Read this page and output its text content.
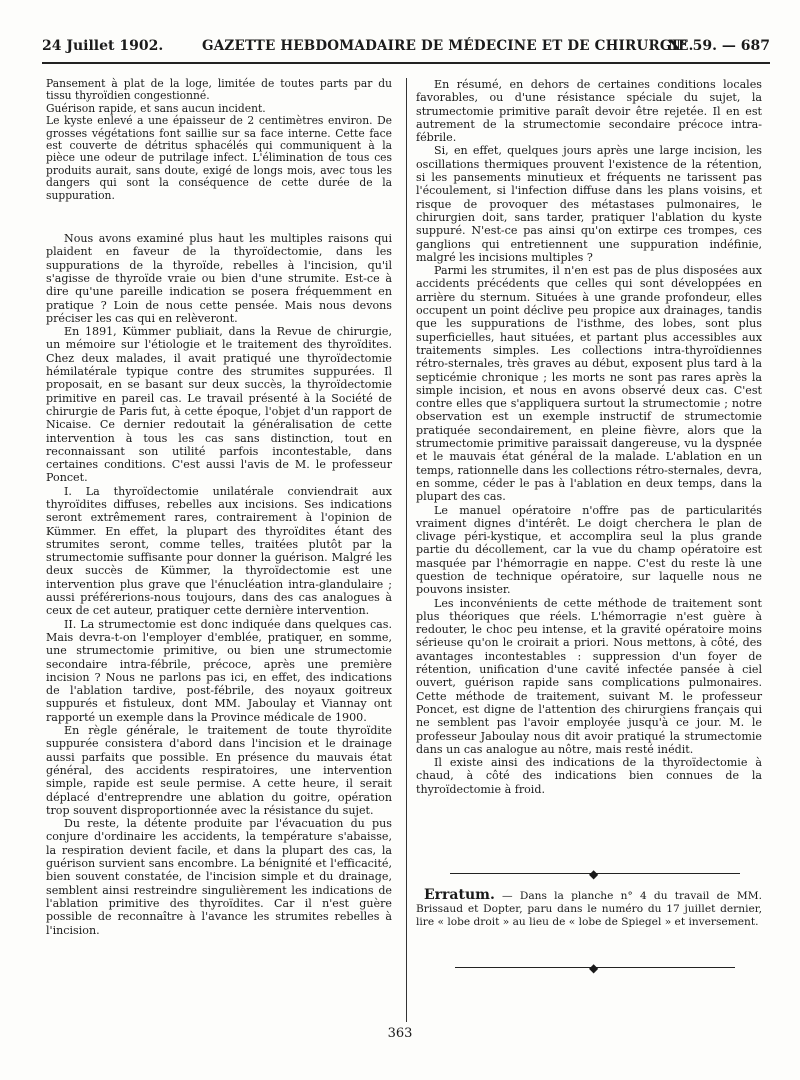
24 Juillet 1902.	GAZETTE HEBDOMADAIRE DE MÉDECINE ET DE CHIRURGIE.
N° 59. — 687

Pansement à plat de la loge, limitée de toutes parts par du tissu thyroïdien congestionné.

Guérison rapide, et sans aucun incident.

Le kyste enlevé a une épaisseur de 2 centimètres environ. De grosses végétations font saillie sur sa face interne. Cette face est couverte de détritus sphacélés qui communiquent à la pièce une odeur de putrilage infect. L'élimination de tous ces produits aurait, sans doute, exigé de longs mois, avec tous les dangers qui sont la conséquence de cette durée de la suppuration.

Nous avons examiné plus haut les multiples raisons qui plaident en faveur de la thyroïdectomie, dans les suppurations de la thyroïde, rebelles à l'incision, qu'il s'agisse de thyroïde vraie ou bien d'une strumite. Est-ce à dire qu'une pareille indication se posera fréquemment en pratique ? Loin de nous cette pensée. Mais nous devons préciser les cas qui en relèveront.

En 1891, Kümmer publiait, dans la Revue de chirurgie, un mémoire sur l'étiologie et le traitement des thyroïdites. Chez deux malades, il avait pratiqué une thyroïdectomie hémilatérale typique contre des strumites suppurées. Il proposait, en se basant sur deux succès, la thyroïdectomie primitive en pareil cas. Le travail présenté à la Société de chirurgie de Paris fut, à cette époque, l'objet d'un rapport de Nicaise. Ce dernier redoutait la généralisation de cette intervention à tous les cas sans distinction, tout en reconnaissant son utilité parfois incontestable, dans certaines conditions. C'est aussi l'avis de M. le professeur Poncet.

I. La thyroïdectomie unilatérale conviendrait aux thyroïdites diffuses, rebelles aux incisions. Ses indications seront extrêmement rares, contrairement à l'opinion de Kümmer. En effet, la plupart des thyroïdites étant des strumites seront, comme telles, traitées plutôt par la strumectomie suffisante pour donner la guérison. Malgré les deux succès de Kümmer, la thyroïdectomie est une intervention plus grave que l'énucléation intra-glandulaire ; aussi préférerions-nous toujours, dans des cas analogues à ceux de cet auteur, pratiquer cette dernière intervention.

II. La strumectomie est donc indiquée dans quelques cas. Mais devra-t-on l'employer d'emblée, pratiquer, en somme, une strumectomie primitive, ou bien une strumectomie secondaire intra-fébrile, précoce, après une première incision ? Nous ne parlons pas ici, en effet, des indications de l'ablation tardive, post-fébrile, des noyaux goitreux suppurés et fistuleux, dont MM. Jaboulay et Viannay ont rapporté un exemple dans la Province médicale de 1900.

En règle générale, le traitement de toute thyroïdite suppurée consistera d'abord dans l'incision et le drainage aussi parfaits que possible. En présence du mauvais état général, des accidents respiratoires, une intervention simple, rapide est seule permise. A cette heure, il serait déplacé d'entreprendre une ablation du goitre, opération trop souvent disproportionnée avec la résistance du sujet.

Du reste, la détente produite par l'évacuation du pus conjure d'ordinaire les accidents, la température s'abaisse, la respiration devient facile, et dans la plupart des cas, la guérison survient sans encombre. La bénignité et l'efficacité, bien souvent constatée, de l'incision simple et du drainage, semblent ainsi restreindre singulièrement les indications de l'ablation primitive des thyroïdites. Car il n'est guère possible de reconnaître à l'avance les strumites rebelles à l'incision.

En résumé, en dehors de certaines conditions locales favorables, ou d'une résistance spéciale du sujet, la strumectomie primitive paraît devoir être rejetée. Il en est autrement de la strumectomie secondaire précoce intra-fébrile.

Si, en effet, quelques jours après une large incision, les oscillations thermiques prouvent l'existence de la rétention, si les pansements minutieux et fréquents ne tarissent pas l'écoulement, si l'infection diffuse dans les plans voisins, et risque de provoquer des métastases pulmonaires, le chirurgien doit, sans tarder, pratiquer l'ablation du kyste suppuré. N'est-ce pas ainsi qu'on extirpe ces trompes, ces ganglions qui entretiennent une suppuration indéfinie, malgré les incisions multiples ?

Parmi les strumites, il n'en est pas de plus disposées aux accidents précédents que celles qui sont développées en arrière du sternum. Situées à une grande profondeur, elles occupent un point déclive peu propice aux drainages, tandis que les suppurations de l'isthme, des lobes, sont plus superficielles, haut situées, et partant plus accessibles aux traitements simples. Les collections intra-thyroïdiennes rétro-sternales, très graves au début, exposent plus tard à la septicémie chronique ; les morts ne sont pas rares après la simple incision, et nous en avons observé deux cas. C'est contre elles que s'appliquera surtout la strumectomie ; notre observation est un exemple instructif de strumectomie pratiquée secondairement, en pleine fièvre, alors que la strumectomie primitive paraissait dangereuse, vu la dyspnée et le mauvais état général de la malade. L'ablation en un temps, rationnelle dans les collections rétro-sternales, devra, en somme, céder le pas à l'ablation en deux temps, dans la plupart des cas.

Le manuel opératoire n'offre pas de particularités vraiment dignes d'intérêt. Le doigt cherchera le plan de clivage péri-kystique, et accomplira seul la plus grande partie du décollement, car la vue du champ opératoire est masquée par l'hémorragie en nappe. C'est du reste là une question de technique opératoire, sur laquelle nous ne pouvons insister.

Les inconvénients de cette méthode de traitement sont plus théoriques que réels. L'hémorragie n'est guère à redouter, le choc peu intense, et la gravité opératoire moins sérieuse qu'on le croirait a priori. Nous mettons, à côté, des avantages incontestables : suppression d'un foyer de rétention, unification d'une cavité infectée pansée à ciel ouvert, guérison rapide sans complications pulmonaires. Cette méthode de traitement, suivant M. le professeur Poncet, est digne de l'attention des chirurgiens français qui ne semblent pas l'avoir employée jusqu'à ce jour. M. le professeur Jaboulay nous dit avoir pratiqué la strumectomie dans un cas analogue au nôtre, mais resté inédit.

Il existe ainsi des indications de la thyroïdectomie à chaud, à côté des indications bien connues de la thyroïdectomie à froid.

◆

Erratum. — Dans la planche n° 4 du travail de MM. Brissaud et Dopter, paru dans le numéro du 17 juillet dernier, lire « lobe droit » au lieu de « lobe de Spiegel » et inversement.

◆
363
